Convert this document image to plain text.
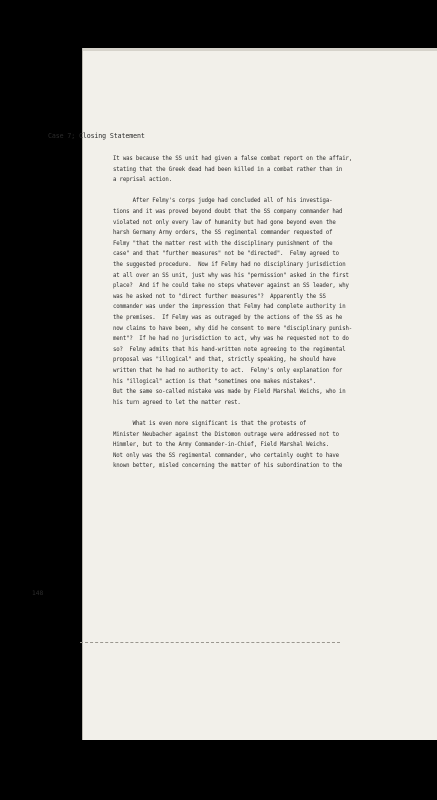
Case 7; Closing Statement
It was because the SS unit had given a false combat report on the affair,
stating that the Greek dead had been killed in a combat rather than in
a reprisal action.
After Felmy's corps judge had concluded all of his investiga-
tions and it was proved beyond doubt that the SS company commander had
violated not only every law of humanity but had gone beyond even the
harsh Germany Army orders, the SS regimental commander requested of
Felmy "that the matter rest with the disciplinary punishment of the
case" and that "further measures" not be "directed".  Felmy agreed to
the suggested procedure.  Now if Felmy had no disciplinary jurisdiction
at all over an SS unit, just why was his "permission" asked in the first
place?  And if he could take no steps whatever against an SS leader, why
was he asked not to "direct further measures"?  Apparently the SS
commander was under the impression that Felmy had complete authority in
the premises.  If Felmy was as outraged by the actions of the SS as he
now claims to have been, why did he consent to mere "disciplinary punish-
ment"?  If he had no jurisdiction to act, why was he requested not to do
so?  Felmy admits that his hand-written note agreeing to the regimental
proposal was "illogical" and that, strictly speaking, he should have
written that he had no authority to act.  Felmy's only explanation for
his "illogical" action is that "sometimes one makes mistakes".
But the same so-called mistake was made by Field Marshal Weichs, who in
his turn agreed to let the matter rest.
What is even more significant is that the protests of
Minister Neubacher against the Distomon outrage were addressed not to
Himmler, but to the Army Commander-in-Chief, Field Marshal Weichs.
Not only was the SS regimental commander, who certainly ought to have
known better, misled concerning the matter of his subordination to the
148
